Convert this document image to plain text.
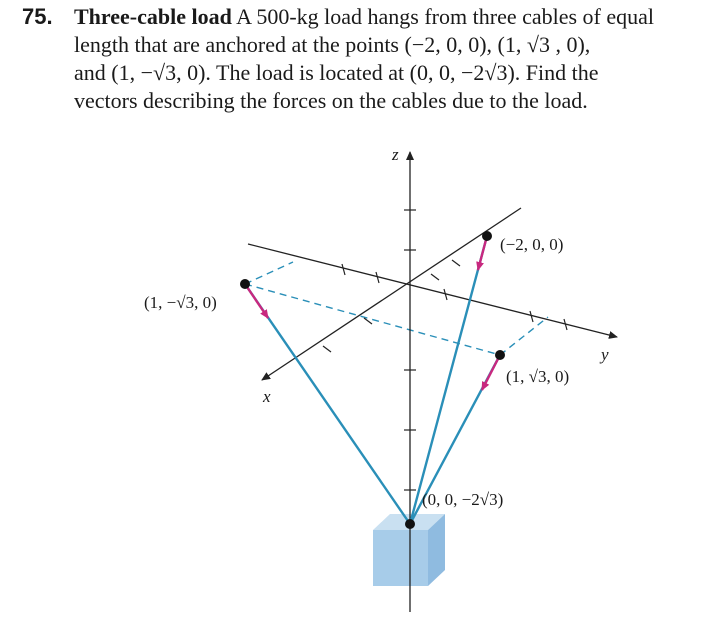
75. Three-cable load A 500-kg load hangs from three cables of equal
length that are anchored at the points (−2, 0, 0), (1, √3 , 0),
and (1, −√3, 0). The load is located at (0, 0, −2√3). Find the
vectors describing the forces on the cables due to the load.
z
y
x
(−2, 0, 0)
(1, −√3, 0)
(1, √3, 0)
(0, 0, −2√3)
